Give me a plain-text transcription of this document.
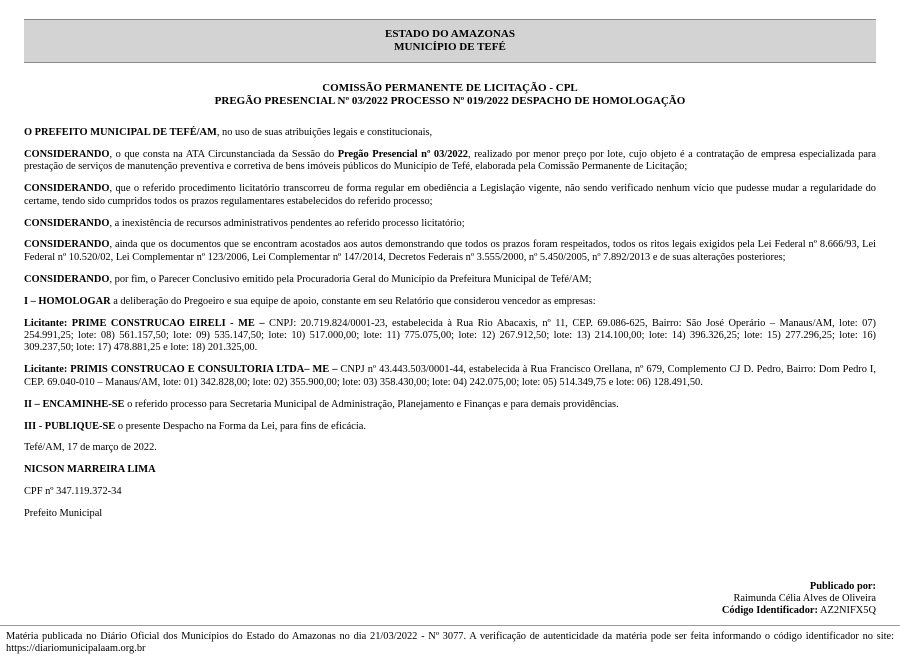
ESTADO DO AMAZONAS
MUNICÍPIO DE TEFÉ
COMISSÃO PERMANENTE DE LICITAÇÃO - CPL
PREGÃO PRESENCIAL Nº 03/2022 PROCESSO Nº 019/2022 DESPACHO DE HOMOLOGAÇÃO

O PREFEITO MUNICIPAL DE TEFÉ/AM, no uso de suas atribuições legais e constitucionais,

CONSIDERANDO, o que consta na ATA Circunstanciada da Sessão do Pregão Presencial nº 03/2022, realizado por menor preço por lote, cujo objeto é a contratação de empresa especializada para prestação de serviços de manutenção preventiva e corretiva de bens imóveis públicos do Município de Tefé, elaborada pela Comissão Permanente de Licitação;

CONSIDERANDO, que o referido procedimento licitatório transcorreu de forma regular em obediência a Legislação vigente, não sendo verificado nenhum vício que pudesse mudar a regularidade do certame, tendo sido cumpridos todos os prazos regulamentares estabelecidos do referido processo;

CONSIDERANDO, a inexistência de recursos administrativos pendentes ao referido processo licitatório;

CONSIDERANDO, ainda que os documentos que se encontram acostados aos autos demonstrando que todos os prazos foram respeitados, todos os ritos legais exigidos pela Lei Federal nº 8.666/93, Lei Federal nº 10.520/02, Lei Complementar nº 123/2006, Lei Complementar nº 147/2014, Decretos Federais nº 3.555/2000, nº 5.450/2005, nº 7.892/2013 e de suas alterações posteriores;

CONSIDERANDO, por fim, o Parecer Conclusivo emitido pela Procuradoria Geral do Município da Prefeitura Municipal de Tefé/AM;

I – HOMOLOGAR a deliberação do Pregoeiro e sua equipe de apoio, constante em seu Relatório que considerou vencedor as empresas:

Licitante: PRIME CONSTRUCAO EIRELI - ME – CNPJ: 20.719.824/0001-23, estabelecida à Rua Rio Abacaxis, nº 11, CEP. 69.086-625, Bairro: São José Operário – Manaus/AM, lote: 07) 254.991,25; lote: 08) 561.157,50; lote: 09) 535.147,50; lote: 10) 517.000,00; lote: 11) 775.075,00; lote: 12) 267.912,50; lote: 13) 214.100,00; lote: 14) 396.326,25; lote: 15) 277.296,25; lote: 16) 309.237,50; lote: 17) 478.881,25 e lote: 18) 201.325,00.

Licitante: PRIMIS CONSTRUCAO E CONSULTORIA LTDA– ME – CNPJ nº 43.443.503/0001-44, estabelecida à Rua Francisco Orellana, nº 679, Complemento CJ D. Pedro, Bairro: Dom Pedro I, CEP. 69.040-010 – Manaus/AM, lote: 01) 342.828,00; lote: 02) 355.900,00; lote: 03) 358.430,00; lote: 04) 242.075,00; lote: 05) 514.349,75 e lote: 06) 128.491,50.

II – ENCAMINHE-SE o referido processo para Secretaria Municipal de Administração, Planejamento e Finanças e para demais providências.

III - PUBLIQUE-SE o presente Despacho na Forma da Lei, para fins de eficácia.

Tefé/AM, 17 de março de 2022.

NICSON MARREIRA LIMA

CPF nº 347.119.372-34

Prefeito Municipal

Publicado por:
Raimunda Célia Alves de Oliveira
Código Identificador: AZ2NIFX5Q
Matéria publicada no Diário Oficial dos Municípios do Estado do Amazonas no dia 21/03/2022 - Nº 3077. A verificação de autenticidade da matéria pode ser feita informando o código identificador no site: https://diariomunicipalaam.org.br
